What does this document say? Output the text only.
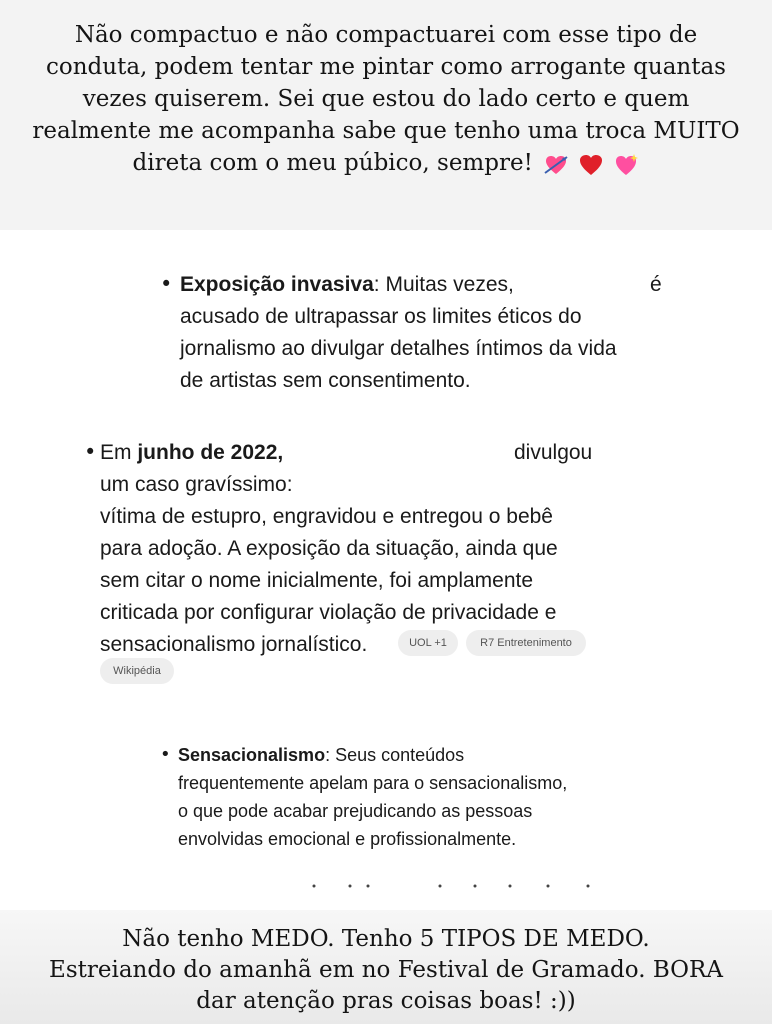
Não compactuo e não compactuarei com esse tipo de
conduta, podem tentar me pintar como arrogante quantas
vezes quiserem. Sei que estou do lado certo e quem
realmente me acompanha sabe que tenho uma troca MUITO
direta com o meu púbico, sempre!
• Exposição invasiva: Muitas vezes,	é
acusado de ultrapassar os limites éticos do
jornalismo ao divulgar detalhes íntimos da vida
de artistas sem consentimento.
• Em junho de 2022,	divulgou
um caso gravíssimo:
vítima de estupro, engravidou e entregou o bebê
para adoção. A exposição da situação, ainda que
sem citar o nome inicialmente, foi amplamente
criticada por configurar violação de privacidade e
sensacionalismo jornalístico.	UOL +1	R7 Entretenimento
Wikipédia
• Sensacionalismo: Seus conteúdos
frequentemente apelam para o sensacionalismo,
o que pode acabar prejudicando as pessoas
envolvidas emocional e profissionalmente.
Não tenho MEDO. Tenho 5 TIPOS DE MEDO.
Estreiando do amanhã em no Festival de Gramado. BORA
dar atenção pras coisas boas! :))
